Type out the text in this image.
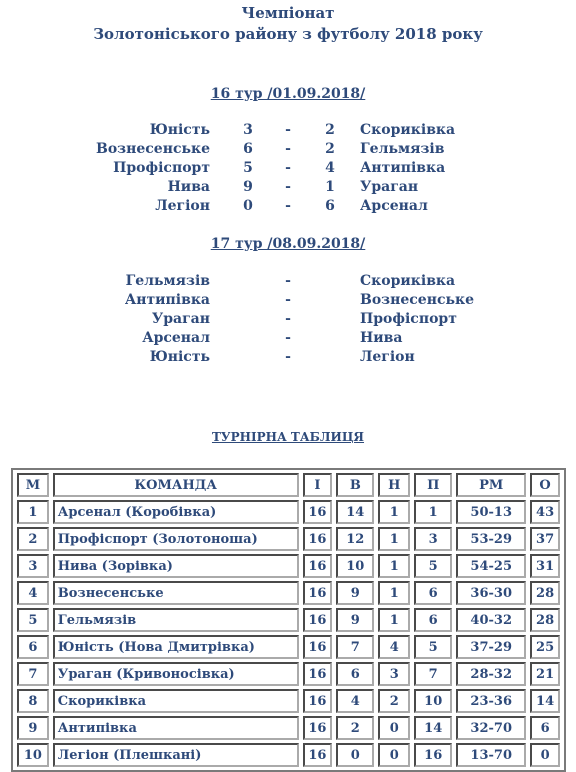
Чемпіонат
Золотоніського району з футболу 2018 року
16 тур /01.09.2018/
Юність	3	-	2	Скориківка
Вознесенське	6	-	2	Гельмязів
Профіспорт	5	-	4	Антипівка
Нива	9	-	1	Ураган
Легіон	0	-	6	Арсенал
17 тур /08.09.2018/
Гельмязів	-	Скориківка
Антипівка	-	Вознесенське
Ураган	-	Профіспорт
Арсенал	-	Нива
Юність	-	Легіон
ТУРНІРНА ТАБЛИЦЯ
М	КОМАНДА	І	В	Н	П	РМ	О
1	Арсенал (Коробівка)	16	14	1	1	50-13	43
2	Профіспорт (Золотоноша)	16	12	1	3	53-29	37
3	Нива (Зорівка)	16	10	1	5	54-25	31
4	Вознесенське	16	9	1	6	36-30	28
5	Гельмязів	16	9	1	6	40-32	28
6	Юність (Нова Дмитрівка)	16	7	4	5	37-29	25
7	Ураган (Кривоносівка)	16	6	3	7	28-32	21
8	Скориківка	16	4	2	10	23-36	14
9	Антипівка	16	2	0	14	32-70	6
10	Легіон (Плешкані)	16	0	0	16	13-70	0
